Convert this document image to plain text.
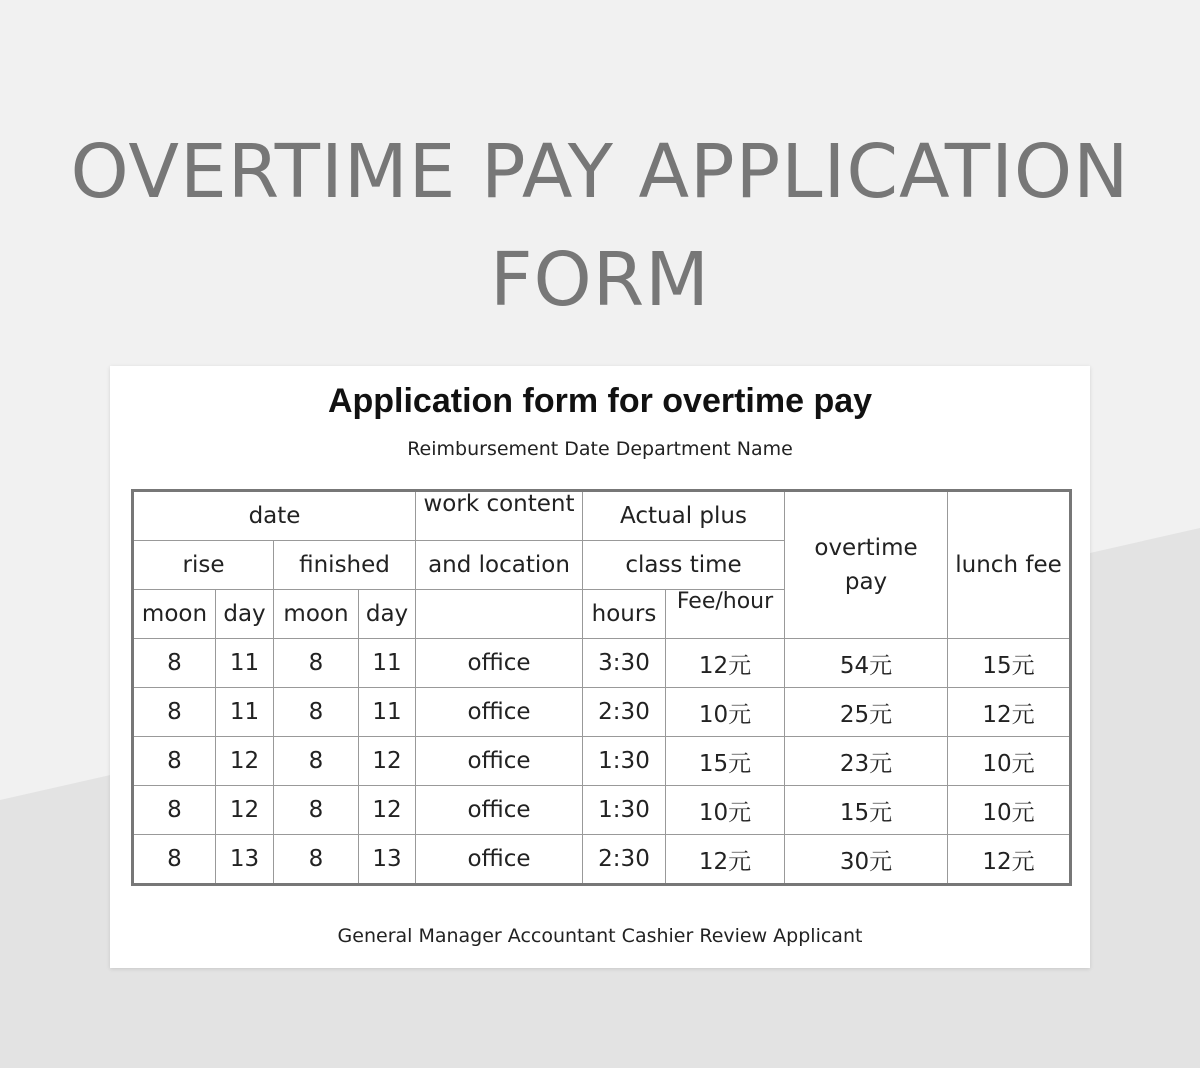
OVERTIME PAY APPLICATION
FORM
Application form for overtime pay
Reimbursement Date Department Name
date				work content	Actual plus		overtime pay	lunch fee
rise		finished		and location	class time			
moon	day	moon	day		hours	Fee/hour		

8	11	8	11	office	3:30	12元	54元	15元
8	11	8	11	office	2:30	10元	25元	12元
8	12	8	12	office	1:30	15元	23元	10元
8	12	8	12	office	1:30	10元	15元	10元
8	13	8	13	office	2:30	12元	30元	12元
General Manager Accountant Cashier Review Applicant
